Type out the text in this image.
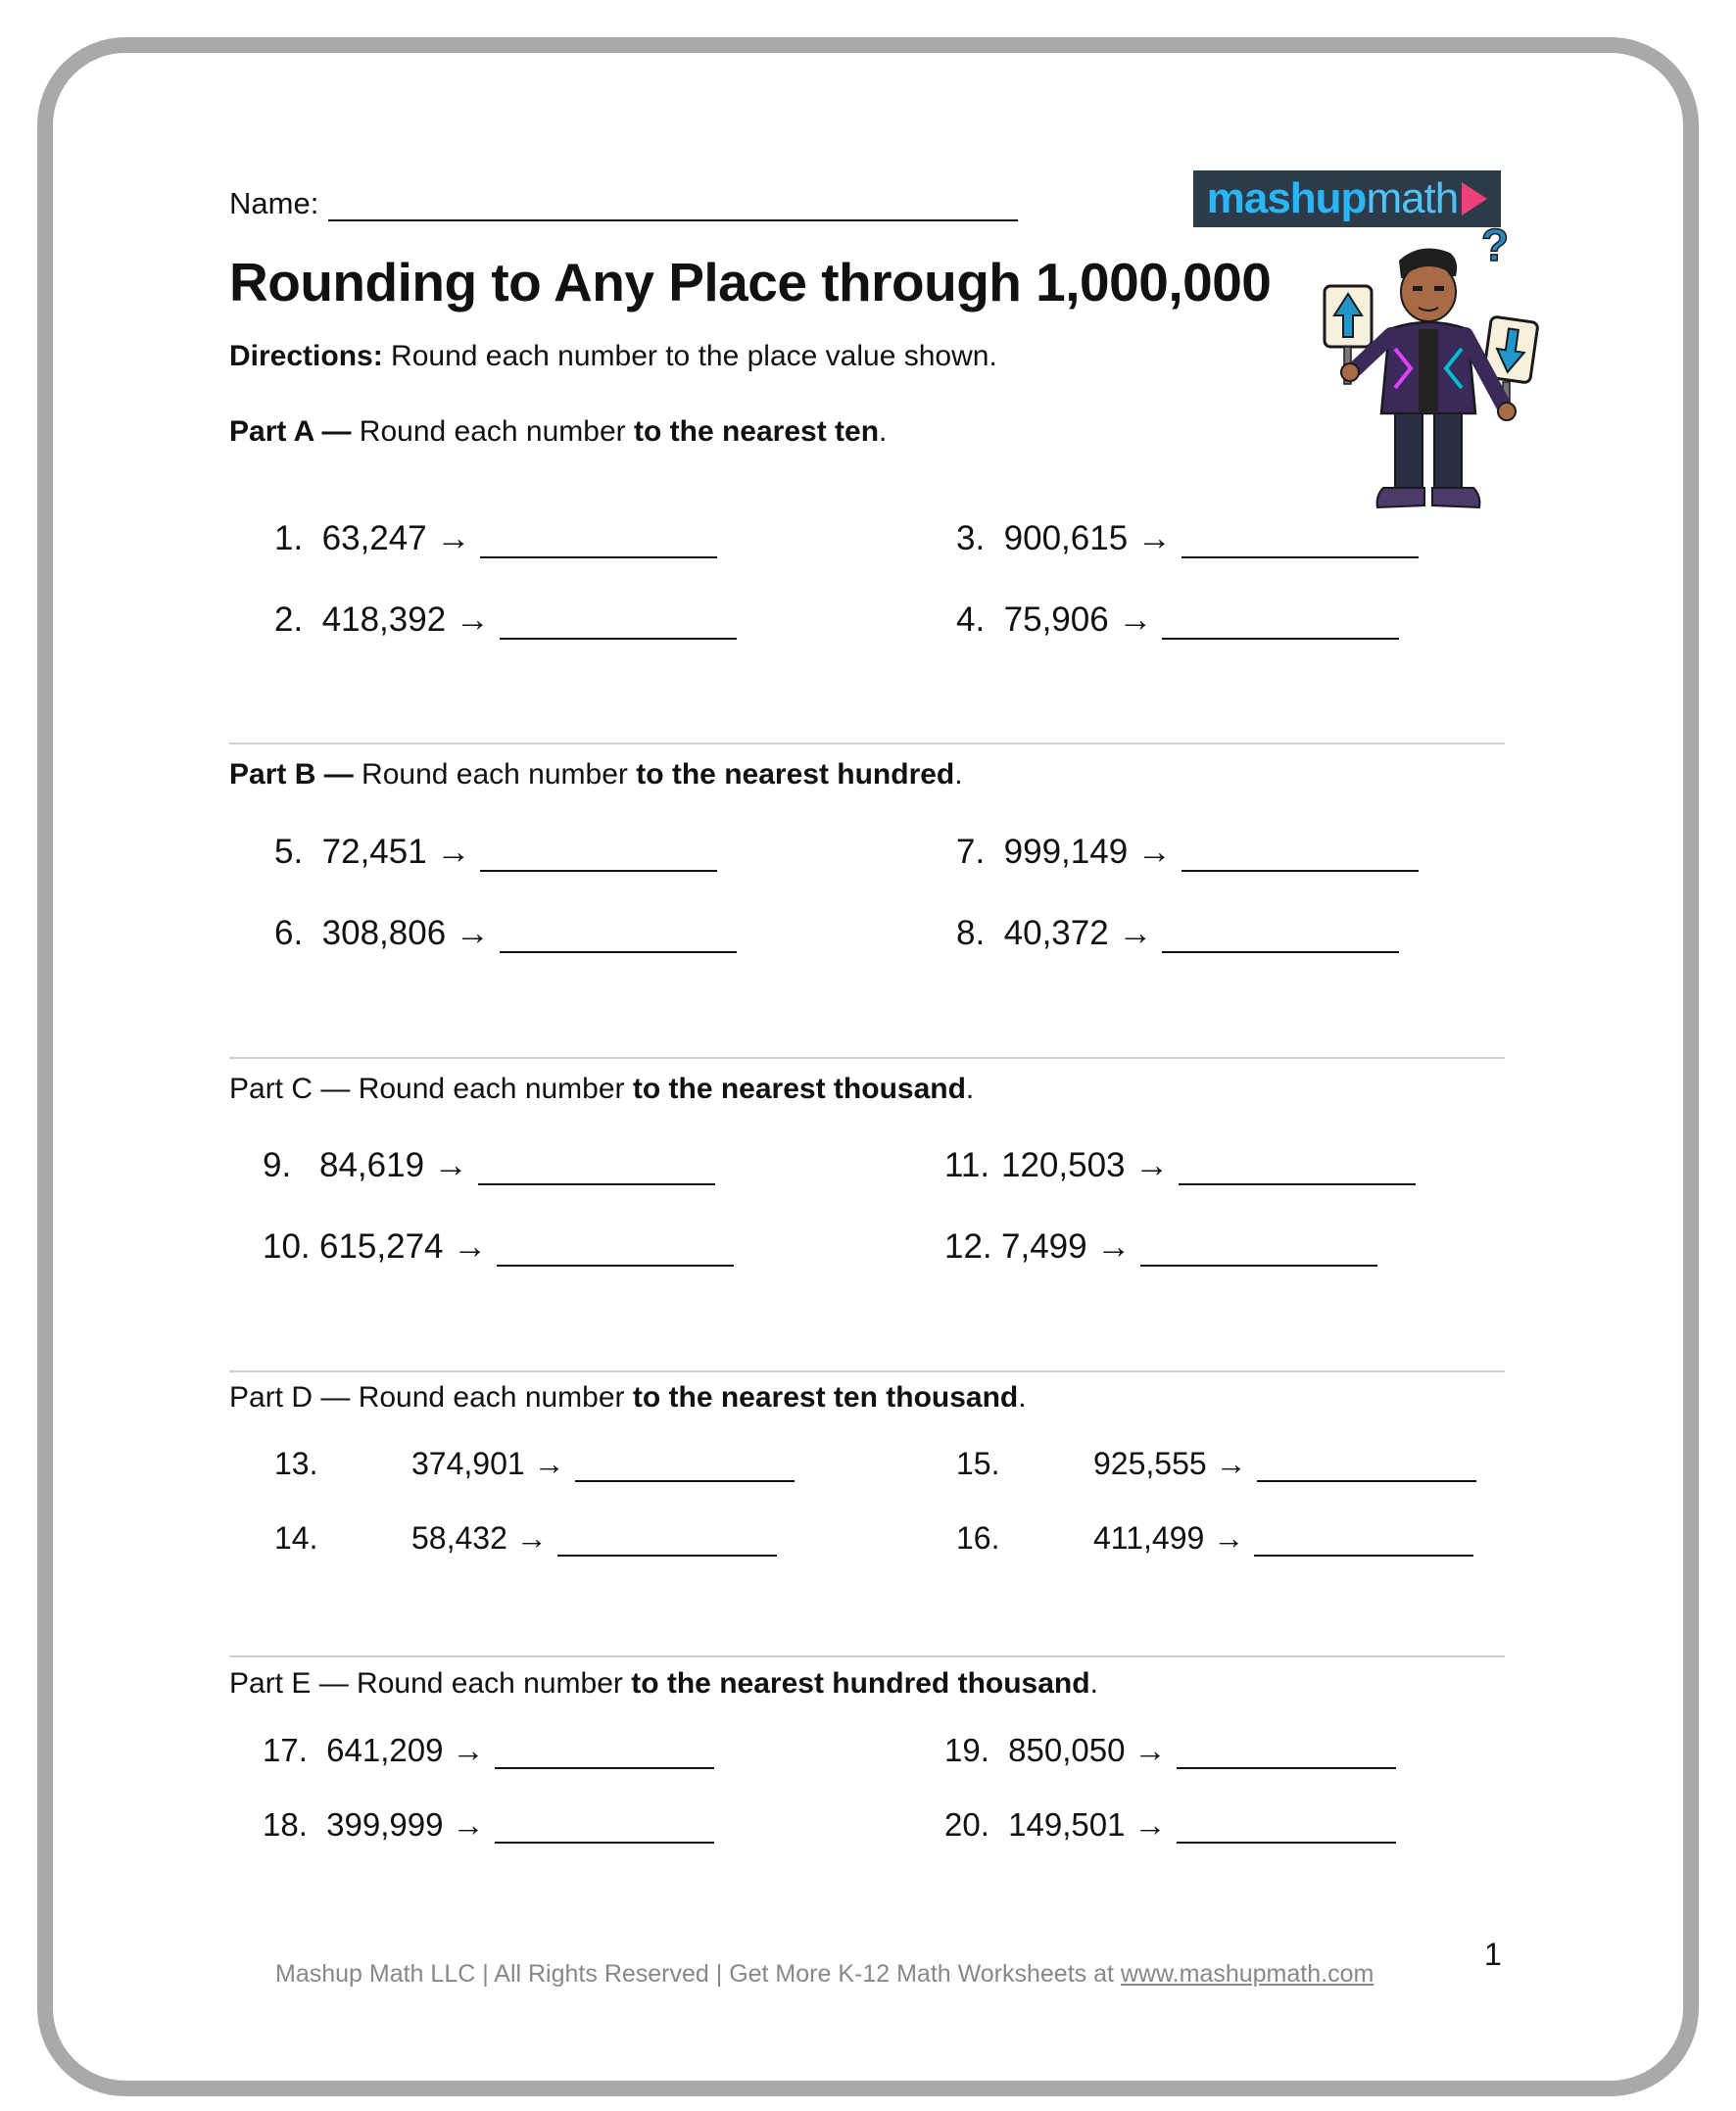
Name:	mashup math
Rounding to Any Place through 1,000,000
Directions: Round each number to the place value shown.
?
Part A — Round each number to the nearest ten.
1.
63,247
→
2.
418,392
→
3.
900,615
→
4.
75,906
→
Part B — Round each number to the nearest hundred.
5.
72,451
→
6.
308,806
→
7.
999,149
→
8.
40,372
→
Part C — Round each number to the nearest thousand.
9. 84,619
→
10. 615,274
→
11. 120,503
→
12. 7,499
→
Part D — Round each number to the nearest ten thousand.
13.	374,901
→
14.	58,432
→
15.	925,555
→
16.	411,499
→
Part E — Round each number to the nearest hundred thousand.
17.
641,209
→
18.
399,999
→
19.
850,050
→
20.
149,501
→
1
Mashup Math LLC | All Rights Reserved | Get More K-12 Math Worksheets at www.mashupmath.com
